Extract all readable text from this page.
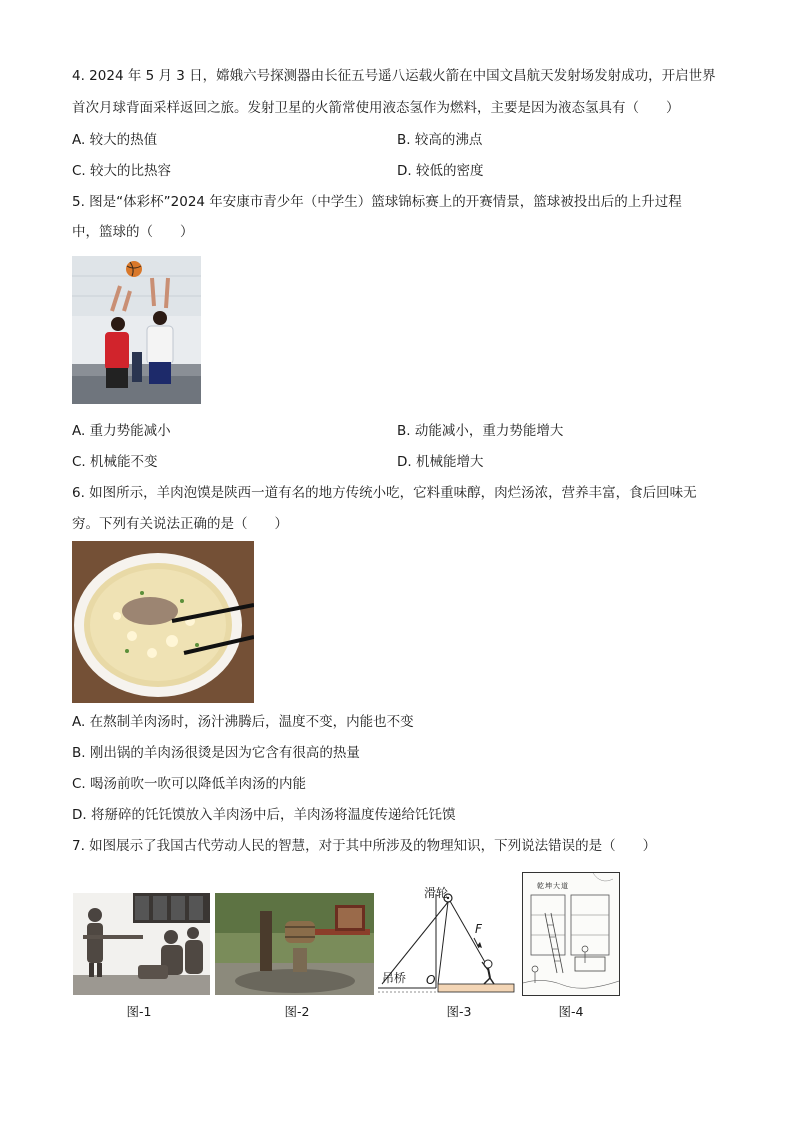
4. 2024 年 5 月 3 日，嫦娥六号探测器由长征五号遥八运载火箭在中国文昌航天发射场发射成功，开启世界
首次月球背面采样返回之旅。发射卫星的火箭常使用液态氢作为燃料，主要是因为液态氢具有（　　）
A. 较大的热值	B. 较高的沸点
C. 较大的比热容	D. 较低的密度
5. 图是“体彩杯”2024 年安康市青少年（中学生）篮球锦标赛上的开赛情景，篮球被投出后的上升过程
中，篮球的（　　）
A. 重力势能减小	B. 动能减小，重力势能增大
C. 机械能不变	D. 机械能增大
6. 如图所示，羊肉泡馍是陕西一道有名的地方传统小吃，它料重味醇，肉烂汤浓，营养丰富，食后回味无
穷。下列有关说法正确的是（　　）
A. 在熬制羊肉汤时，汤汁沸腾后，温度不变，内能也不变
B. 刚出锅的羊肉汤很烫是因为它含有很高的热量
C. 喝汤前吹一吹可以降低羊肉汤的内能
D. 将掰碎的饦饦馍放入羊肉汤中后，羊肉汤将温度传递给饦饦馍
7. 如图展示了我国古代劳动人民的智慧，对于其中所涉及的物理知识，下列说法错误的是（　　）
滑轮
F
吊桥 O
乾坤大道
图-1	图-2	图-3	图-4
